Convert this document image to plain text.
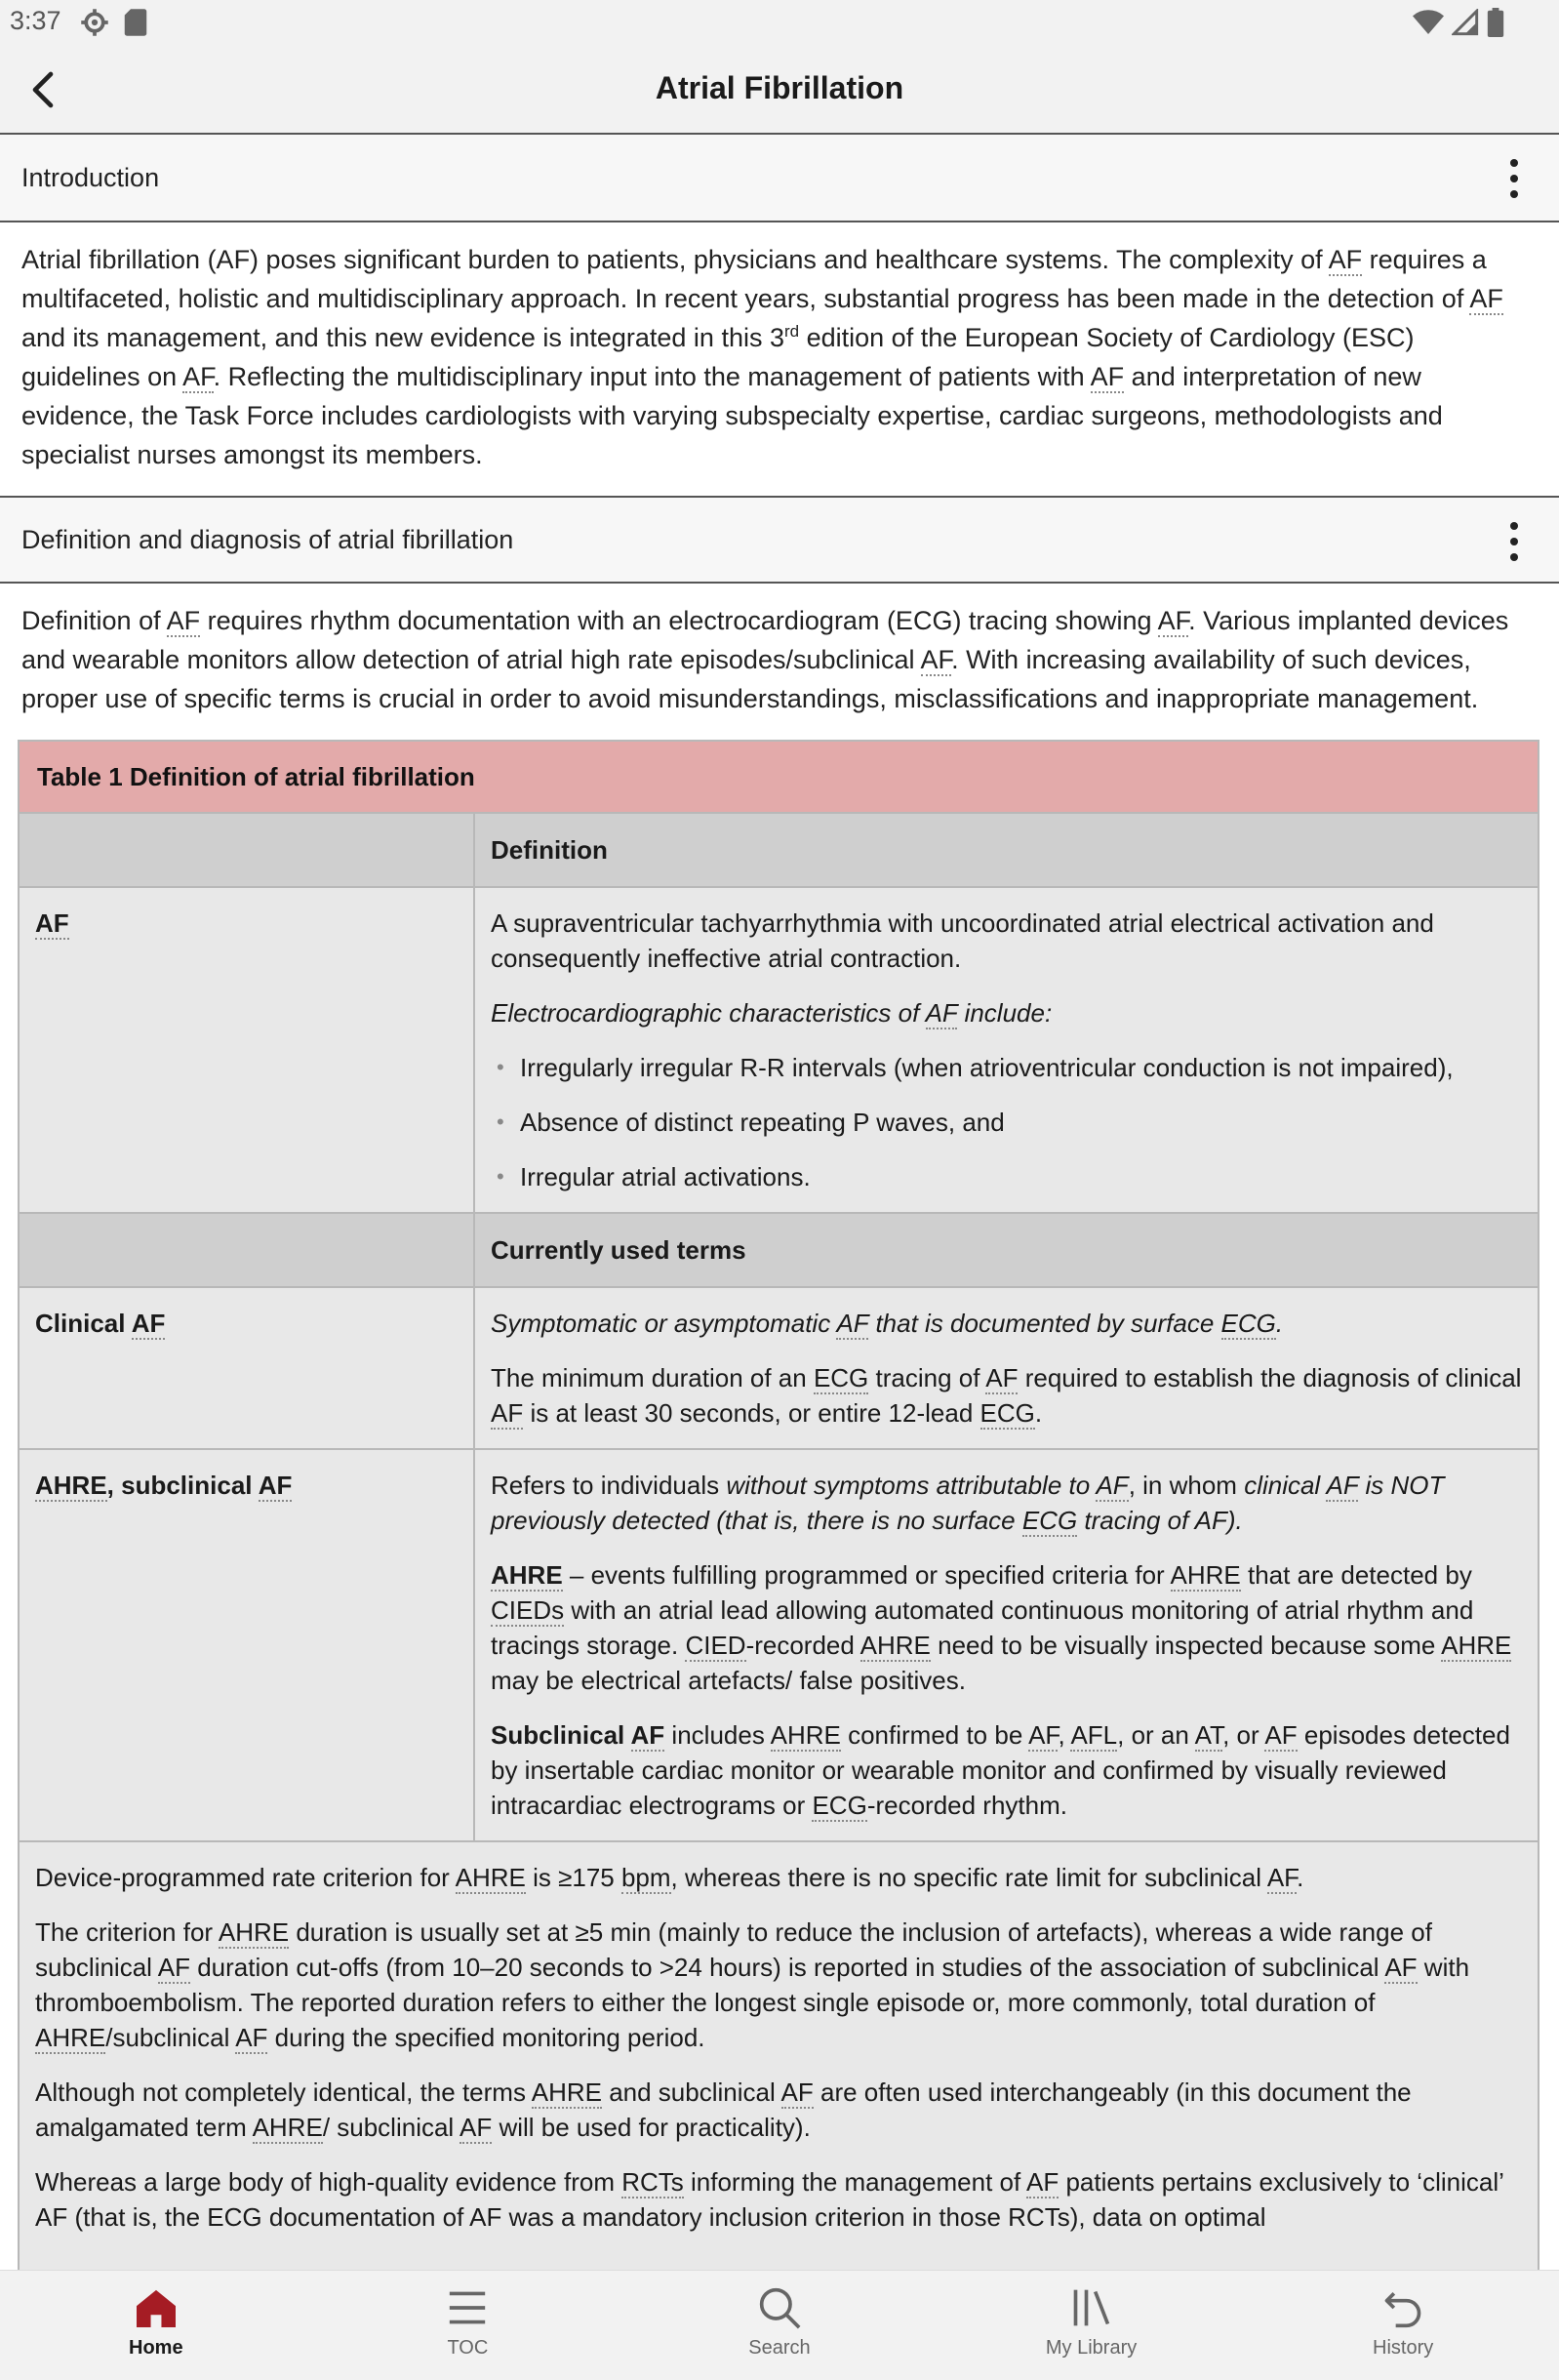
3:37
Atrial Fibrillation
Introduction
Atrial fibrillation (AF) poses significant burden to patients, physicians and healthcare systems. The complexity of AF requires a multifaceted, holistic and multidisciplinary approach. In recent years, substantial progress has been made in the detection of AF and its management, and this new evidence is integrated in this 3rd edition of the European Society of Cardiology (ESC) guidelines on AF. Reflecting the multidisciplinary input into the management of patients with AF and interpretation of new evidence, the Task Force includes cardiologists with varying subspecialty expertise, cardiac surgeons, methodologists and specialist nurses amongst its members.
Definition and diagnosis of atrial fibrillation
Definition of AF requires rhythm documentation with an electrocardiogram (ECG) tracing showing AF. Various implanted devices and wearable monitors allow detection of atrial high rate episodes/subclinical AF. With increasing availability of such devices, proper use of specific terms is crucial in order to avoid misunderstandings, misclassifications and inappropriate management.
Table 1 Definition of atrial fibrillation
Definition
AF	A supraventricular tachyarrhythmia with uncoordinated atrial electrical activation and consequently ineffective atrial contraction.

Electrocardiographic characteristics of AF include:

• Irregularly irregular R-R intervals (when atrioventricular conduction is not impaired),
• Absence of distinct repeating P waves, and
• Irregular atrial activations.
Currently used terms
Clinical AF	Symptomatic or asymptomatic AF that is documented by surface ECG.

The minimum duration of an ECG tracing of AF required to establish the diagnosis of clinical AF is at least 30 seconds, or entire 12-lead ECG.

AHRE, subclinical AF	Refers to individuals without symptoms attributable to AF, in whom clinical AF is NOT previously detected (that is, there is no surface ECG tracing of AF).

AHRE – events fulfilling programmed or specified criteria for AHRE that are detected by CIEDs with an atrial lead allowing automated continuous monitoring of atrial rhythm and tracings storage. CIED-recorded AHRE need to be visually inspected because some AHRE may be electrical artefacts/ false positives.

Subclinical AF includes AHRE confirmed to be AF, AFL, or an AT, or AF episodes detected by insertable cardiac monitor or wearable monitor and confirmed by visually reviewed intracardiac electrograms or ECG-recorded rhythm.

Device-programmed rate criterion for AHRE is ≥175 bpm, whereas there is no specific rate limit for subclinical AF.

The criterion for AHRE duration is usually set at ≥5 min (mainly to reduce the inclusion of artefacts), whereas a wide range of subclinical AF duration cut-offs (from 10–20 seconds to >24 hours) is reported in studies of the association of subclinical AF with thromboembolism. The reported duration refers to either the longest single episode or, more commonly, total duration of AHRE/subclinical AF during the specified monitoring period.

Although not completely identical, the terms AHRE and subclinical AF are often used interchangeably (in this document the amalgamated term AHRE/ subclinical AF will be used for practicality).

Whereas a large body of high-quality evidence from RCTs informing the management of AF patients pertains exclusively to ‘clinical’ AF (that is, the ECG documentation of AF was a mandatory inclusion criterion in those RCTs), data on optimal

Home	TOC	Search	My Library	History
